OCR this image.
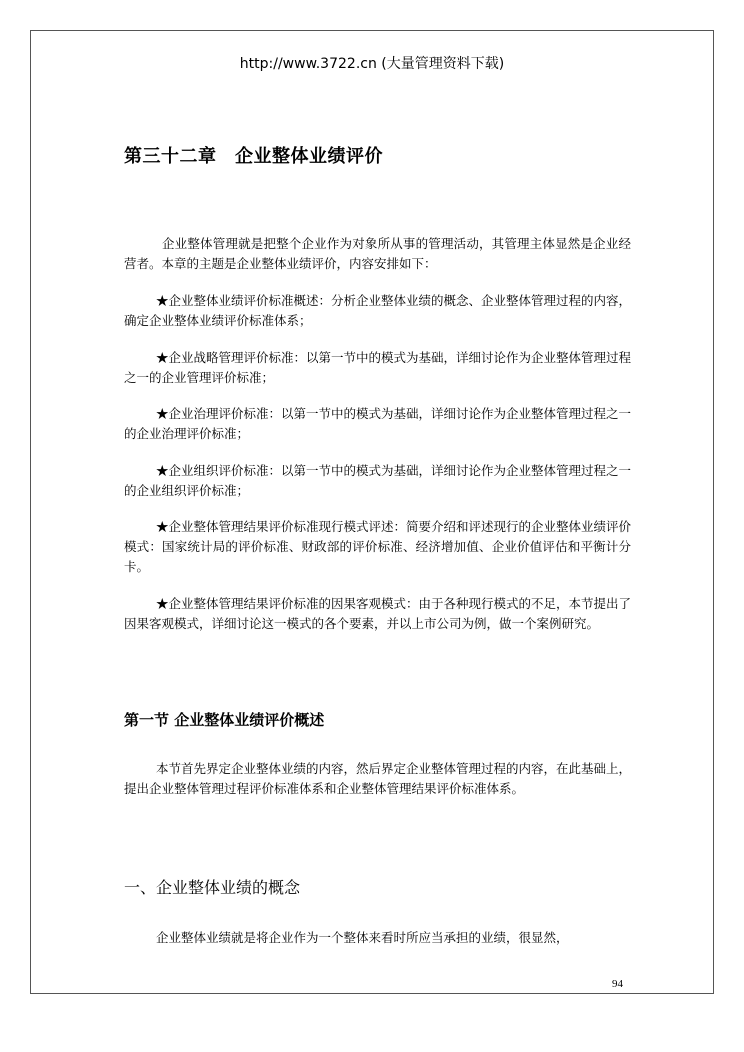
http://www.3722.cn (大量管理资料下载)
第三十二章　企业整体业绩评价

企业整体管理就是把整个企业作为对象所从事的管理活动，其管理主体显然是企业经营者。本章的主题是企业整体业绩评价，内容安排如下：

★企业整体业绩评价标准概述：分析企业整体业绩的概念、企业整体管理过程的内容，确定企业整体业绩评价标准体系；

★企业战略管理评价标准：以第一节中的模式为基础，详细讨论作为企业整体管理过程之一的企业管理评价标准；

★企业治理评价标准：以第一节中的模式为基础，详细讨论作为企业整体管理过程之一的企业治理评价标准；

★企业组织评价标准：以第一节中的模式为基础，详细讨论作为企业整体管理过程之一的企业组织评价标准；

★企业整体管理结果评价标准现行模式评述：简要介绍和评述现行的企业整体业绩评价模式：国家统计局的评价标准、财政部的评价标准、经济增加值、企业价值评估和平衡计分卡。

★企业整体管理结果评价标准的因果客观模式：由于各种现行模式的不足，本节提出了因果客观模式，详细讨论这一模式的各个要素，并以上市公司为例，做一个案例研究。

第一节 企业整体业绩评价概述

本节首先界定企业整体业绩的内容，然后界定企业整体管理过程的内容，在此基础上，提出企业整体管理过程评价标准体系和企业整体管理结果评价标准体系。

一、企业整体业绩的概念

企业整体业绩就是将企业作为一个整体来看时所应当承担的业绩，很显然，

94
